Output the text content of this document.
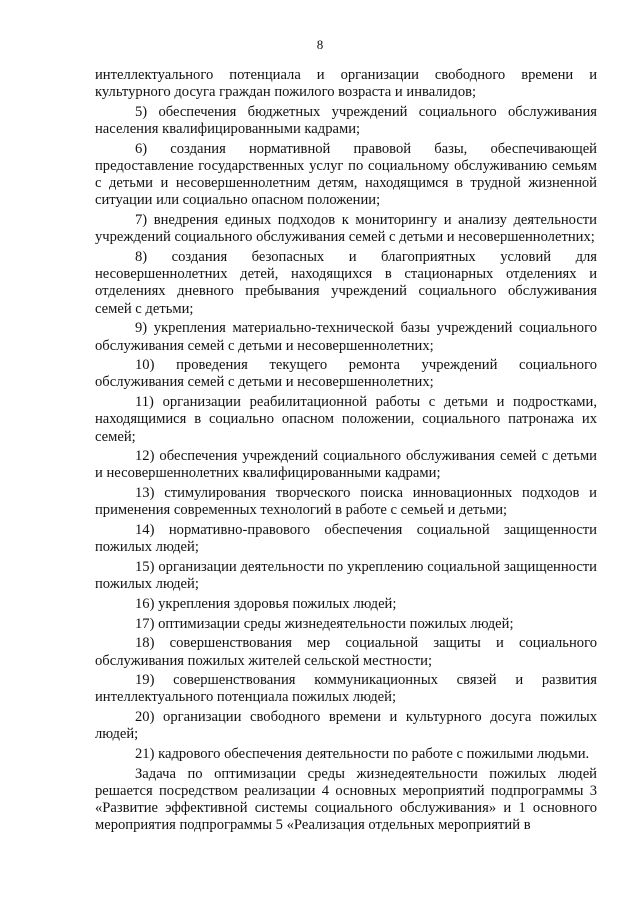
8

интеллектуального потенциала и организации свободного времени и культурного досуга граждан пожилого возраста и инвалидов;

5) обеспечения бюджетных учреждений социального обслуживания населения квалифицированными кадрами;

6) создания нормативной правовой базы, обеспечивающей предоставление государственных услуг по социальному обслуживанию семьям с детьми и несовершеннолетним детям, находящимся в трудной жизненной ситуации или социально опасном положении;

7) внедрения единых подходов к мониторингу и анализу деятельности учреждений социального обслуживания семей с детьми и несовершеннолетних;

8) создания безопасных и благоприятных условий для несовершеннолетних детей, находящихся в стационарных отделениях и отделениях дневного пребывания учреждений социального обслуживания семей с детьми;

9) укрепления материально-технической базы учреждений социального обслуживания семей с детьми и несовершеннолетних;

10) проведения текущего ремонта учреждений социального обслуживания семей с детьми и несовершеннолетних;

11) организации реабилитационной работы с детьми и подростками, находящимися в социально опасном положении, социального патронажа их семей;

12) обеспечения учреждений социального обслуживания семей с детьми и несовершеннолетних квалифицированными кадрами;

13) стимулирования творческого поиска инновационных подходов и применения современных технологий в работе с семьей и детьми;

14) нормативно-правового обеспечения социальной защищенности пожилых людей;

15) организации деятельности по укреплению социальной защищенности пожилых людей;

16) укрепления здоровья пожилых людей;

17) оптимизации среды жизнедеятельности пожилых людей;

18) совершенствования мер социальной защиты и социального обслуживания пожилых жителей сельской местности;

19) совершенствования коммуникационных связей и развития интеллектуального потенциала пожилых людей;

20) организации свободного времени и культурного досуга пожилых людей;

21) кадрового обеспечения деятельности по работе с пожилыми людьми.

Задача по оптимизации среды жизнедеятельности пожилых людей решается посредством реализации 4 основных мероприятий подпрограммы 3 «Развитие эффективной системы социального обслуживания» и 1 основного мероприятия подпрограммы 5 «Реализация отдельных мероприятий в
